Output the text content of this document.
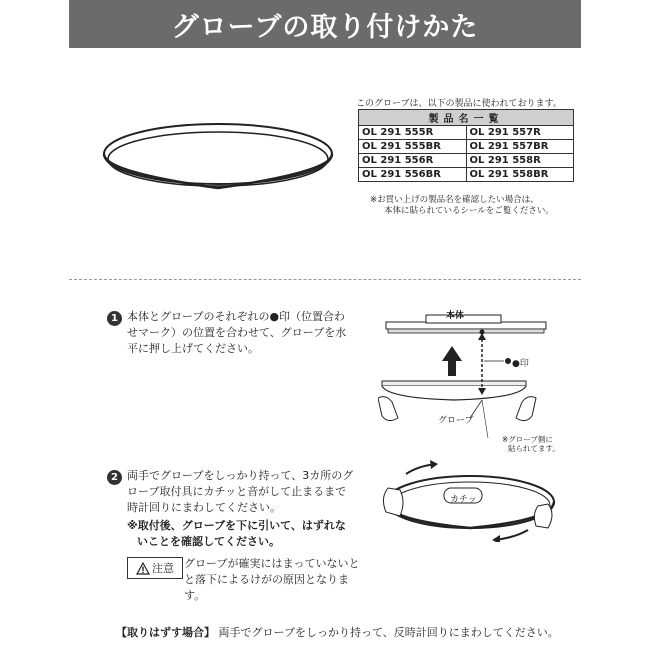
グローブの取り付けかた
このグローブは、以下の製品に使われております。
製品名一覧	
OL 291 555R	OL 291 557R
OL 291 555BR	OL 291 557BR
OL 291 556R	OL 291 558R
OL 291 556BR	OL 291 558BR
※お買い上げの製品名を確認したい場合は、
本体に貼られているシールをご覧ください。
1 本体とグローブのそれぞれの●印（位置合わ
せマーク）の位置を合わせて、グローブを水
平に押し上げてください。
本体
●印
グローブ
※グローブ側に
貼られてます。
2 両手でグローブをしっかり持って、3カ所のグ
ローブ取付具にカチッと音がして止まるまで
時計回りにまわしてください。
※取付後、グローブを下に引いて、はずれな
いことを確認してください。
カチッ
注意 グローブが確実にはまっていないと
と落下によるけがの原因となりま
す。
【取りはずす場合】 両手でグローブをしっかり持って、反時計回りにまわしてください。
